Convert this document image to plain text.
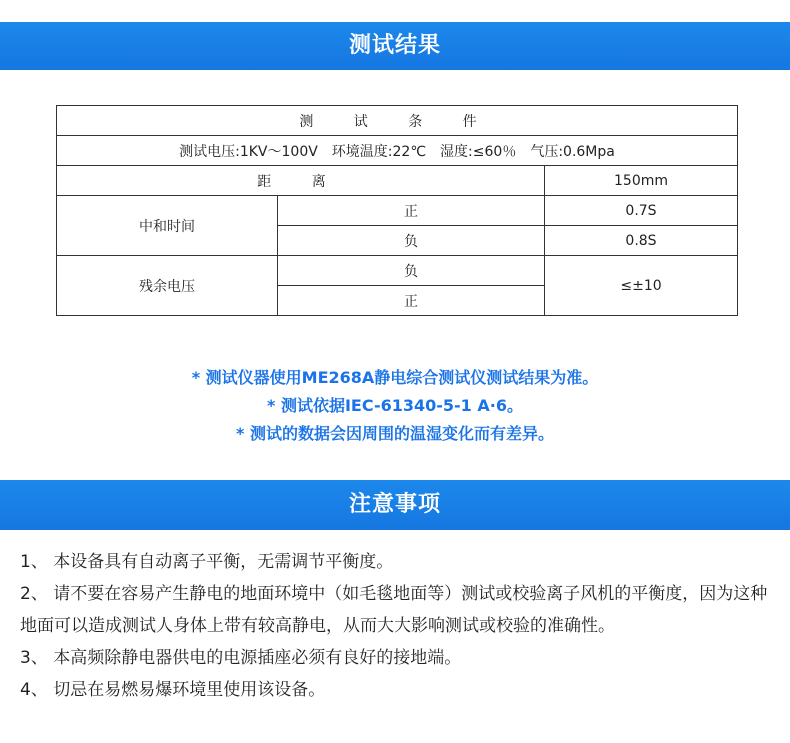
测试结果
测 试 条 件		
测试电压:1KV～100V　环境温度:22℃　湿度:≤60％　气压:0.6Mpa		
距 离		150mm
中和时间	正	0.7S
	负	0.8S
残余电压	负	≤±10
	正	
* 测试仪器使用ME268A静电综合测试仪测试结果为准。
* 测试依据IEC-61340-5-1 A·6。
* 测试的数据会因周围的温湿变化而有差异。
注意事项

1、 本设备具有自动离子平衡，无需调节平衡度。

2、 请不要在容易产生静电的地面环境中（如毛毯地面等）测试或校验离子风机的平衡度，因为这种地面可以造成测试人身体上带有较高静电，从而大大影响测试或校验的准确性。

3、 本高频除静电器供电的电源插座必须有良好的接地端。

4、 切忌在易燃易爆环境里使用该设备。
